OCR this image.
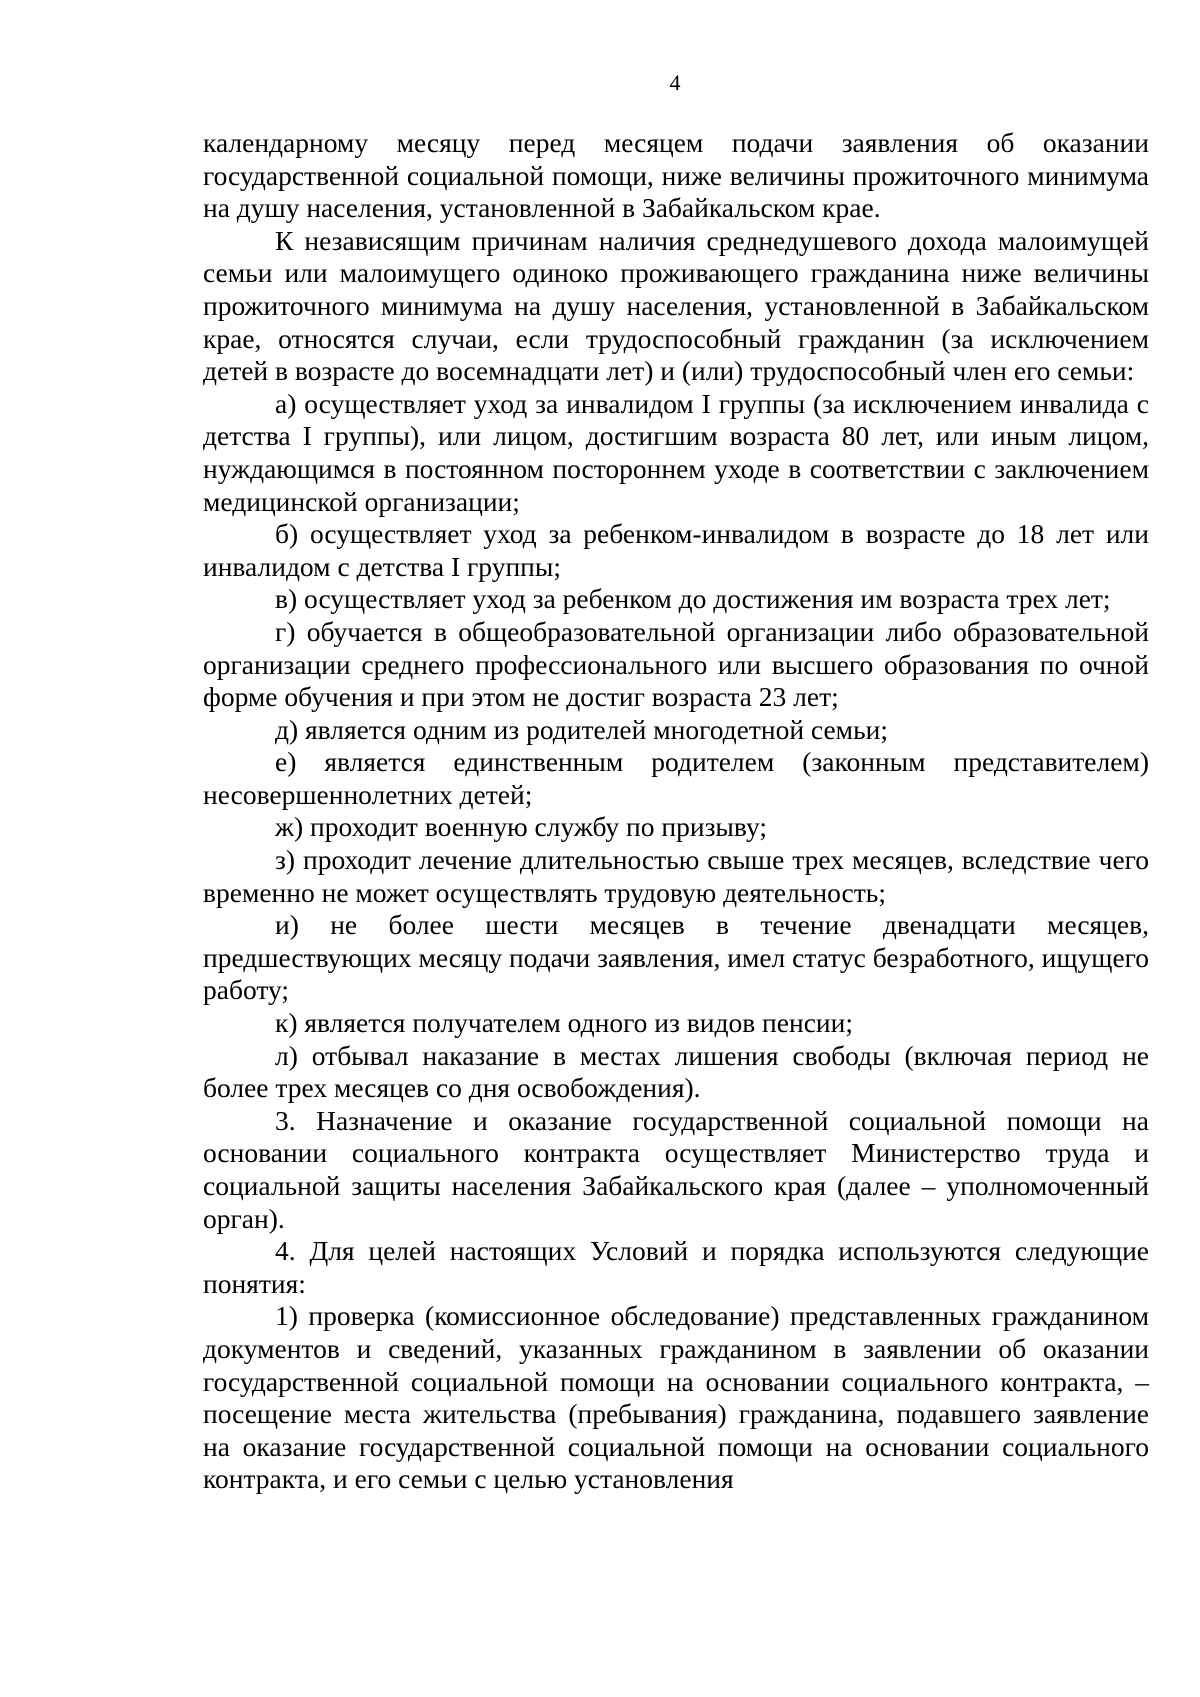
4

календарному месяцу перед месяцем подачи заявления об оказании государственной социальной помощи, ниже величины прожиточного минимума на душу населения, установленной в Забайкальском крае.

К независящим причинам наличия среднедушевого дохода малоимущей семьи или малоимущего одиноко проживающего гражданина ниже величины прожиточного минимума на душу населения, установленной в Забайкальском крае, относятся случаи, если трудоспособный гражданин (за исключением детей в возрасте до восемнадцати лет) и (или) трудоспособный член его семьи:

а) осуществляет уход за инвалидом I группы (за исключением инвалида с детства I группы), или лицом, достигшим возраста 80 лет, или иным лицом, нуждающимся в постоянном постороннем уходе в соответствии с заключением медицинской организации;

б) осуществляет уход за ребенком-инвалидом в возрасте до 18 лет или инвалидом с детства I группы;

в) осуществляет уход за ребенком до достижения им возраста трех лет;

г) обучается в общеобразовательной организации либо образовательной организации среднего профессионального или высшего образования по очной форме обучения и при этом не достиг возраста 23 лет;

д) является одним из родителей многодетной семьи;

е) является единственным родителем (законным представителем) несовершеннолетних детей;

ж) проходит военную службу по призыву;

з) проходит лечение длительностью свыше трех месяцев, вследствие чего временно не может осуществлять трудовую деятельность;

и) не более шести месяцев в течение двенадцати месяцев, предшествующих месяцу подачи заявления, имел статус безработного, ищущего работу;

к) является получателем одного из видов пенсии;

л) отбывал наказание в местах лишения свободы (включая период не более трех месяцев со дня освобождения).

3. Назначение и оказание государственной социальной помощи на основании социального контракта осуществляет Министерство труда и социальной защиты населения Забайкальского края (далее – уполномоченный орган).

4. Для целей настоящих Условий и порядка используются следующие понятия:

1) проверка (комиссионное обследование) представленных гражданином документов и сведений, указанных гражданином в заявлении об оказании государственной социальной помощи на основании социального контракта, – посещение места жительства (пребывания) гражданина, подавшего заявление на оказание государственной социальной помощи на основании социального контракта, и его семьи с целью установления
